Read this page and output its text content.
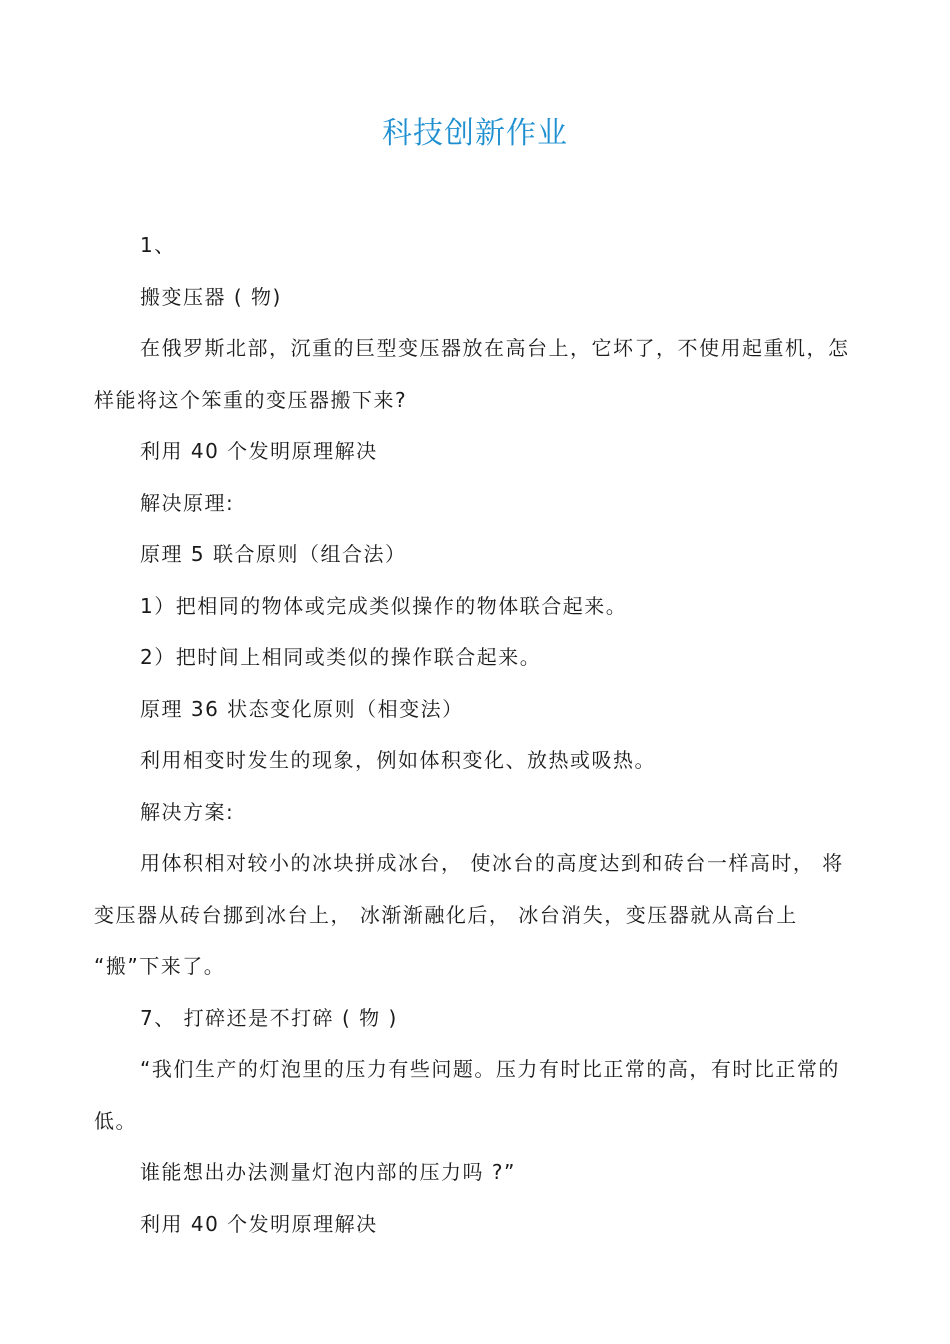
科技创新作业

1、

搬变压器 ( 物)

在俄罗斯北部，沉重的巨型变压器放在高台上，它坏了，不使用起重机，怎样能将这个笨重的变压器搬下来?

利用 40 个发明原理解决

解决原理:

原理 5 联合原则（组合法）

1）把相同的物体或完成类似操作的物体联合起来。

2）把时间上相同或类似的操作联合起来。

原理 36 状态变化原则（相变法）

利用相变时发生的现象，例如体积变化、放热或吸热。

解决方案:

用体积相对较小的冰块拼成冰台， 使冰台的高度达到和砖台一样高时， 将变压器从砖台挪到冰台上， 冰渐渐融化后， 冰台消失，变压器就从高台上 “搬”下来了。

7、 打碎还是不打碎 ( 物 )

“我们生产的灯泡里的压力有些问题。压力有时比正常的高，有时比正常的低。

谁能想出办法测量灯泡内部的压力吗 ?”

利用 40 个发明原理解决
